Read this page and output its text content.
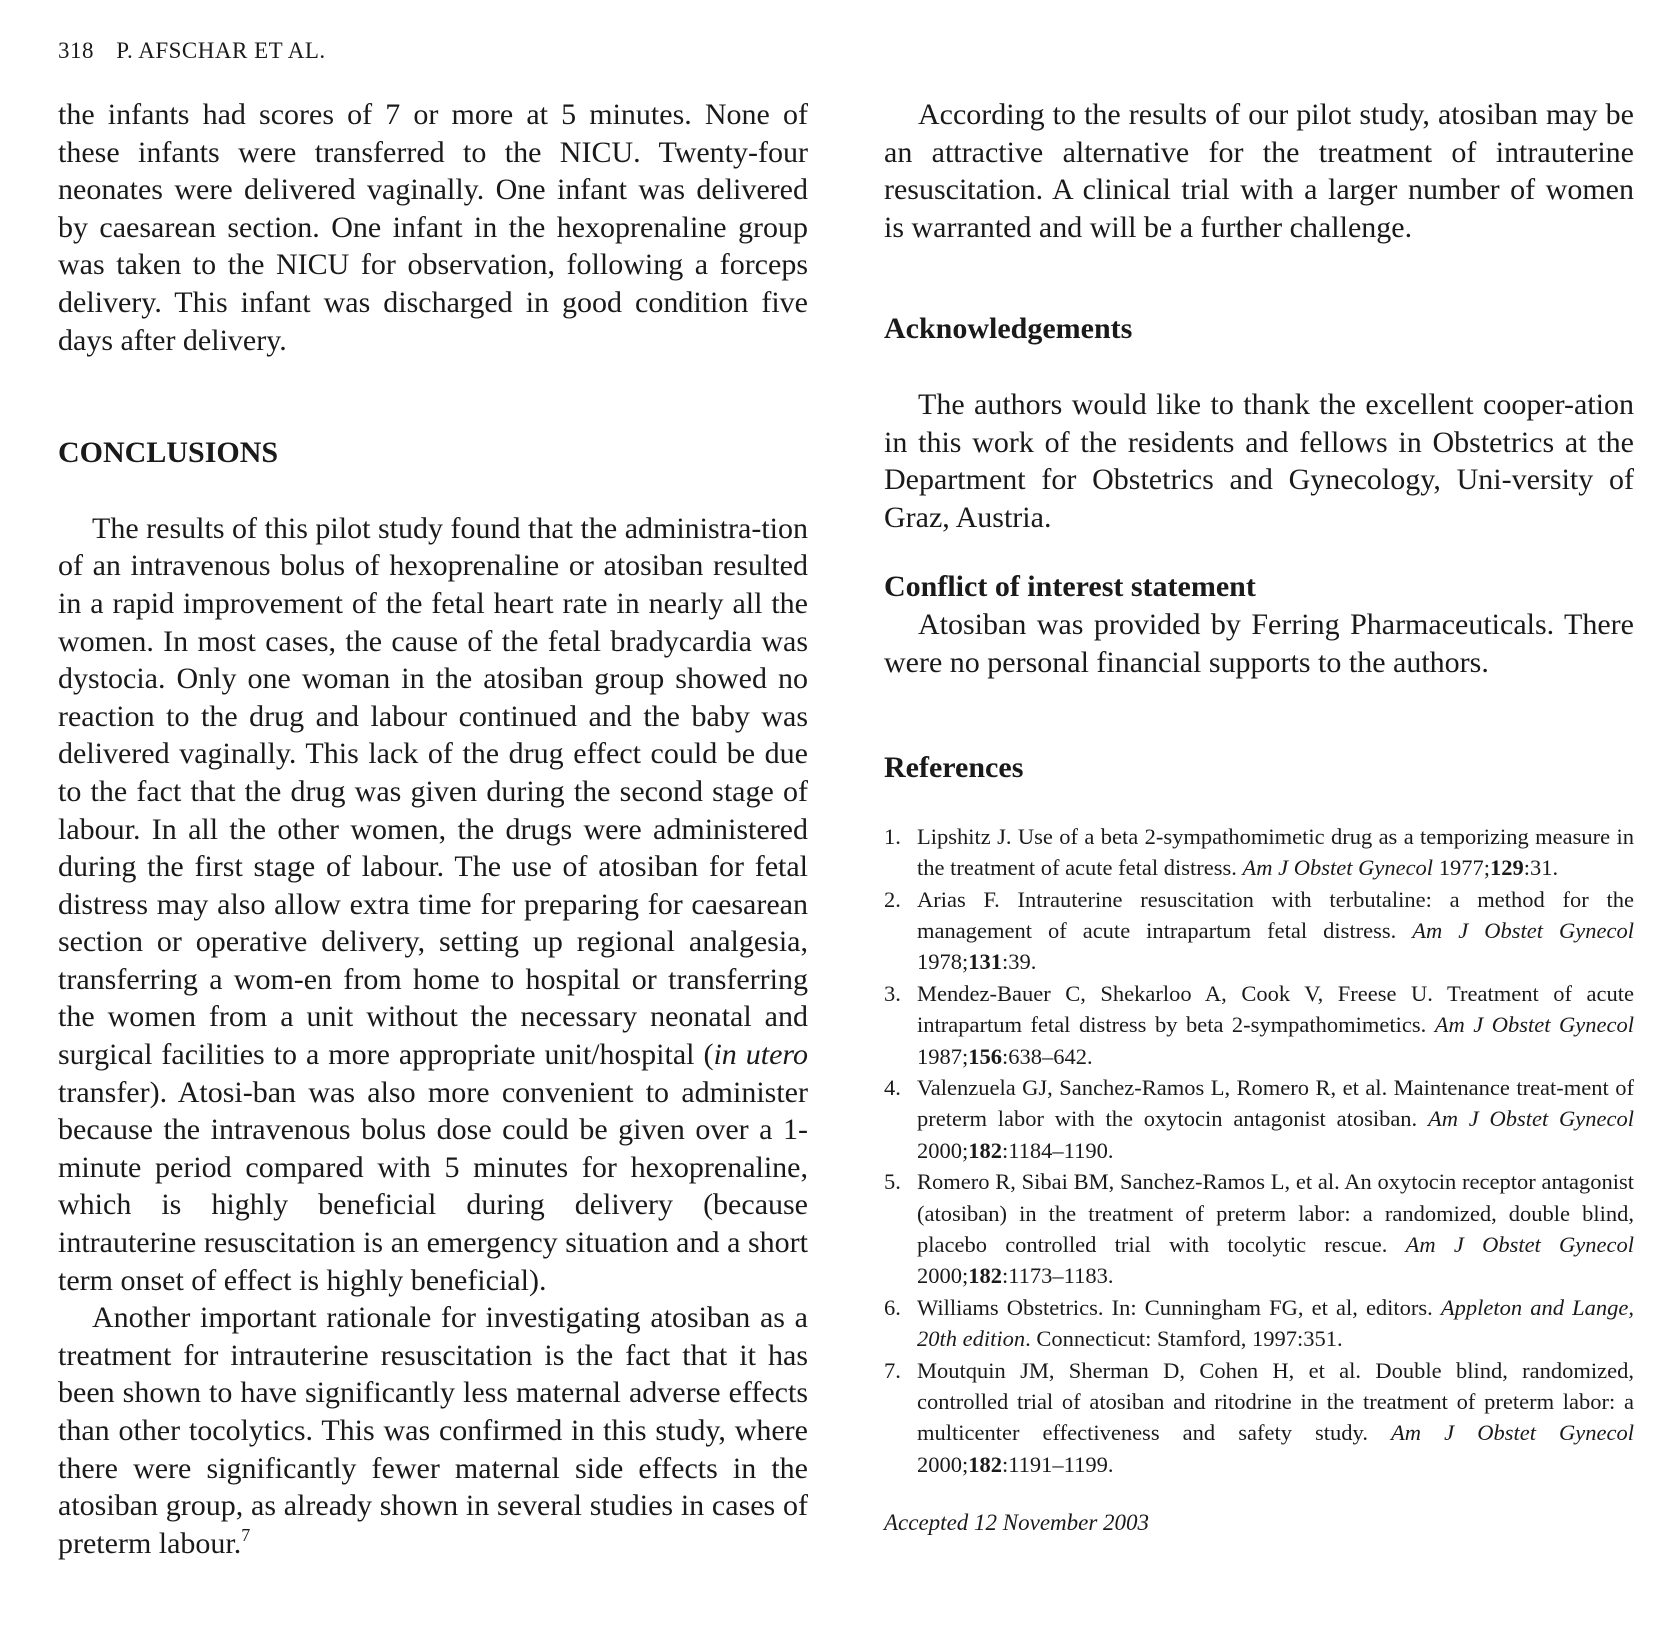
318 P. AFSCHAR ET AL.

the infants had scores of 7 or more at 5 minutes. None of these infants were transferred to the NICU. Twenty-four neonates were delivered vaginally. One infant was delivered by caesarean section. One infant in the hexoprenaline group was taken to the NICU for observation, following a forceps delivery. This infant was discharged in good condition five days after delivery.

CONCLUSIONS

The results of this pilot study found that the administra-tion of an intravenous bolus of hexoprenaline or atosiban resulted in a rapid improvement of the fetal heart rate in nearly all the women. In most cases, the cause of the fetal bradycardia was dystocia. Only one woman in the atosiban group showed no reaction to the drug and labour continued and the baby was delivered vaginally. This lack of the drug effect could be due to the fact that the drug was given during the second stage of labour. In all the other women, the drugs were administered during the first stage of labour. The use of atosiban for fetal distress may also allow extra time for preparing for caesarean section or operative delivery, setting up regional analgesia, transferring a wom-en from home to hospital or transferring the women from a unit without the necessary neonatal and surgical facilities to a more appropriate unit/hospital (in utero transfer). Atosi-ban was also more convenient to administer because the intravenous bolus dose could be given over a 1-minute period compared with 5 minutes for hexoprenaline, which is highly beneficial during delivery (because intrauterine resuscitation is an emergency situation and a short term onset of effect is highly beneficial).

Another important rationale for investigating atosiban as a treatment for intrauterine resuscitation is the fact that it has been shown to have significantly less maternal adverse effects than other tocolytics. This was confirmed in this study, where there were significantly fewer maternal side effects in the atosiban group, as already shown in several studies in cases of preterm labour.$^7$

According to the results of our pilot study, atosiban may be an attractive alternative for the treatment of intrauterine resuscitation. A clinical trial with a larger number of women is warranted and will be a further challenge.

Acknowledgements

The authors would like to thank the excellent cooper-ation in this work of the residents and fellows in Obstetrics at the Department for Obstetrics and Gynecology, Uni-versity of Graz, Austria.

Conflict of interest statement

Atosiban was provided by Ferring Pharmaceuticals. There were no personal financial supports to the authors.

References
1. Lipshitz J. Use of a beta 2-sympathomimetic drug as a temporizing measure in the treatment of acute fetal distress. Am J Obstet Gynecol 1977;129:31.
2. Arias F. Intrauterine resuscitation with terbutaline: a method for the management of acute intrapartum fetal distress. Am J Obstet Gynecol 1978;131:39.
3. Mendez-Bauer C, Shekarloo A, Cook V, Freese U. Treatment of acute intrapartum fetal distress by beta 2-sympathomimetics. Am J Obstet Gynecol 1987;156:638–642.
4. Valenzuela GJ, Sanchez-Ramos L, Romero R, et al. Maintenance treat-ment of preterm labor with the oxytocin antagonist atosiban. Am J Obstet Gynecol 2000;182:1184–1190.
5. Romero R, Sibai BM, Sanchez-Ramos L, et al. An oxytocin receptor antagonist (atosiban) in the treatment of preterm labor: a randomized, double blind, placebo controlled trial with tocolytic rescue. Am J Obstet Gynecol 2000;182:1173–1183.
6. Williams Obstetrics. In: Cunningham FG, et al, editors. Appleton and Lange, 20th edition. Connecticut: Stamford, 1997:351.
7. Moutquin JM, Sherman D, Cohen H, et al. Double blind, randomized, controlled trial of atosiban and ritodrine in the treatment of preterm labor: a multicenter effectiveness and safety study. Am J Obstet Gynecol 2000;182:1191–1199.
Accepted 12 November 2003
